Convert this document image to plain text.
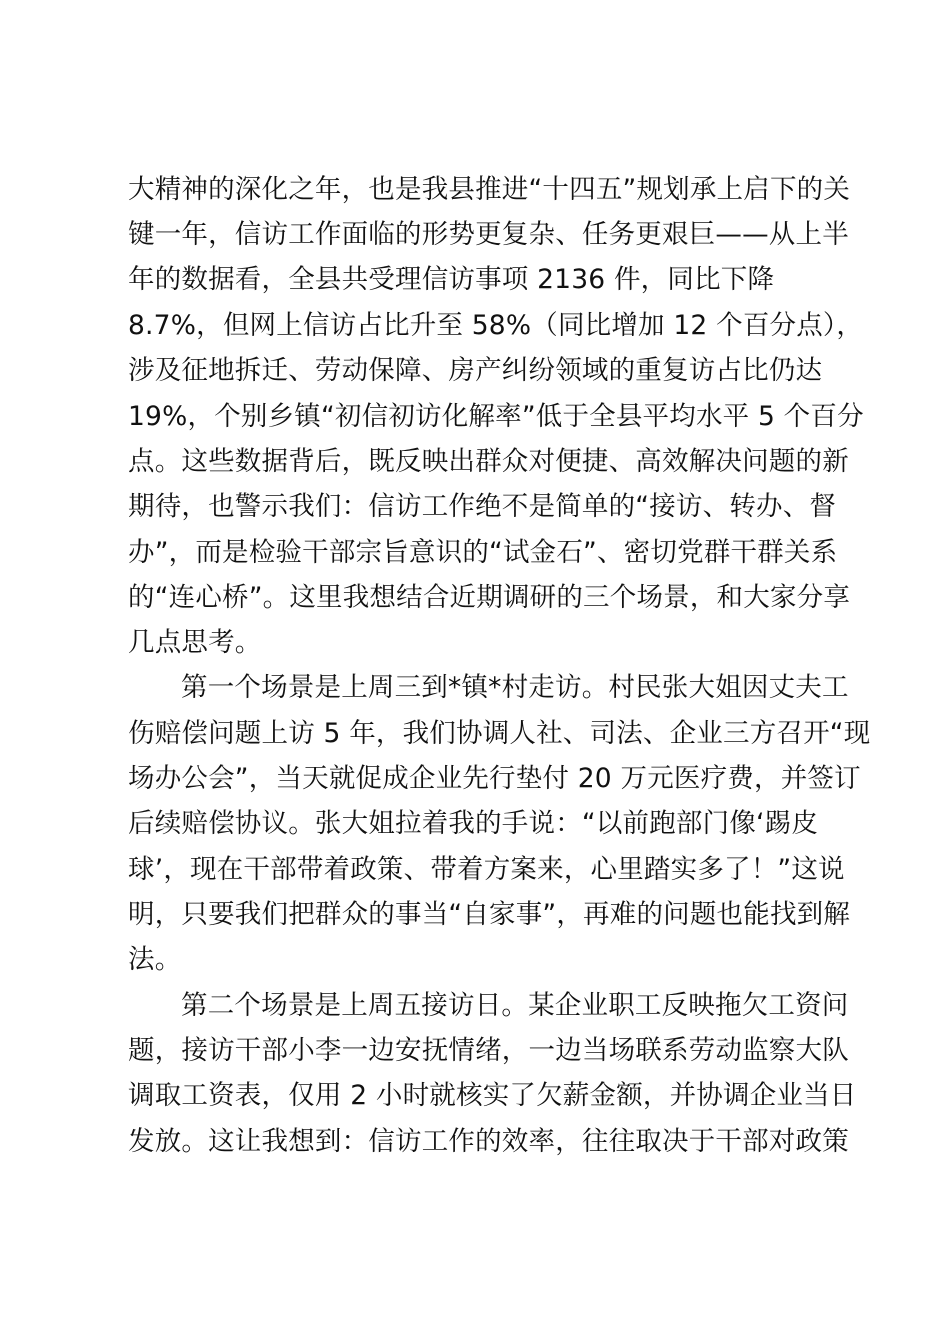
大精神的深化之年，也是我县推进“十四五”规划承上启下的关
键一年，信访工作面临的形势更复杂、任务更艰巨——从上半
年的数据看，全县共受理信访事项 2136 件，同比下降
8.7%，但网上信访占比升至 58%（同比增加 12 个百分点），
涉及征地拆迁、劳动保障、房产纠纷领域的重复访占比仍达
19%，个别乡镇“初信初访化解率”低于全县平均水平 5 个百分
点。这些数据背后，既反映出群众对便捷、高效解决问题的新
期待，也警示我们：信访工作绝不是简单的“接访、转办、督
办”，而是检验干部宗旨意识的“试金石”、密切党群干群关系
的“连心桥”。这里我想结合近期调研的三个场景，和大家分享
几点思考。
第一个场景是上周三到*镇*村走访。村民张大姐因丈夫工
伤赔偿问题上访 5 年，我们协调人社、司法、企业三方召开“现
场办公会”，当天就促成企业先行垫付 20 万元医疗费，并签订
后续赔偿协议。张大姐拉着我的手说：“以前跑部门像‘踢皮
球’，现在干部带着政策、带着方案来，心里踏实多了！”这说
明，只要我们把群众的事当“自家事”，再难的问题也能找到解
法。
第二个场景是上周五接访日。某企业职工反映拖欠工资问
题，接访干部小李一边安抚情绪，一边当场联系劳动监察大队
调取工资表，仅用 2 小时就核实了欠薪金额，并协调企业当日
发放。这让我想到：信访工作的效率，往往取决于干部对政策
